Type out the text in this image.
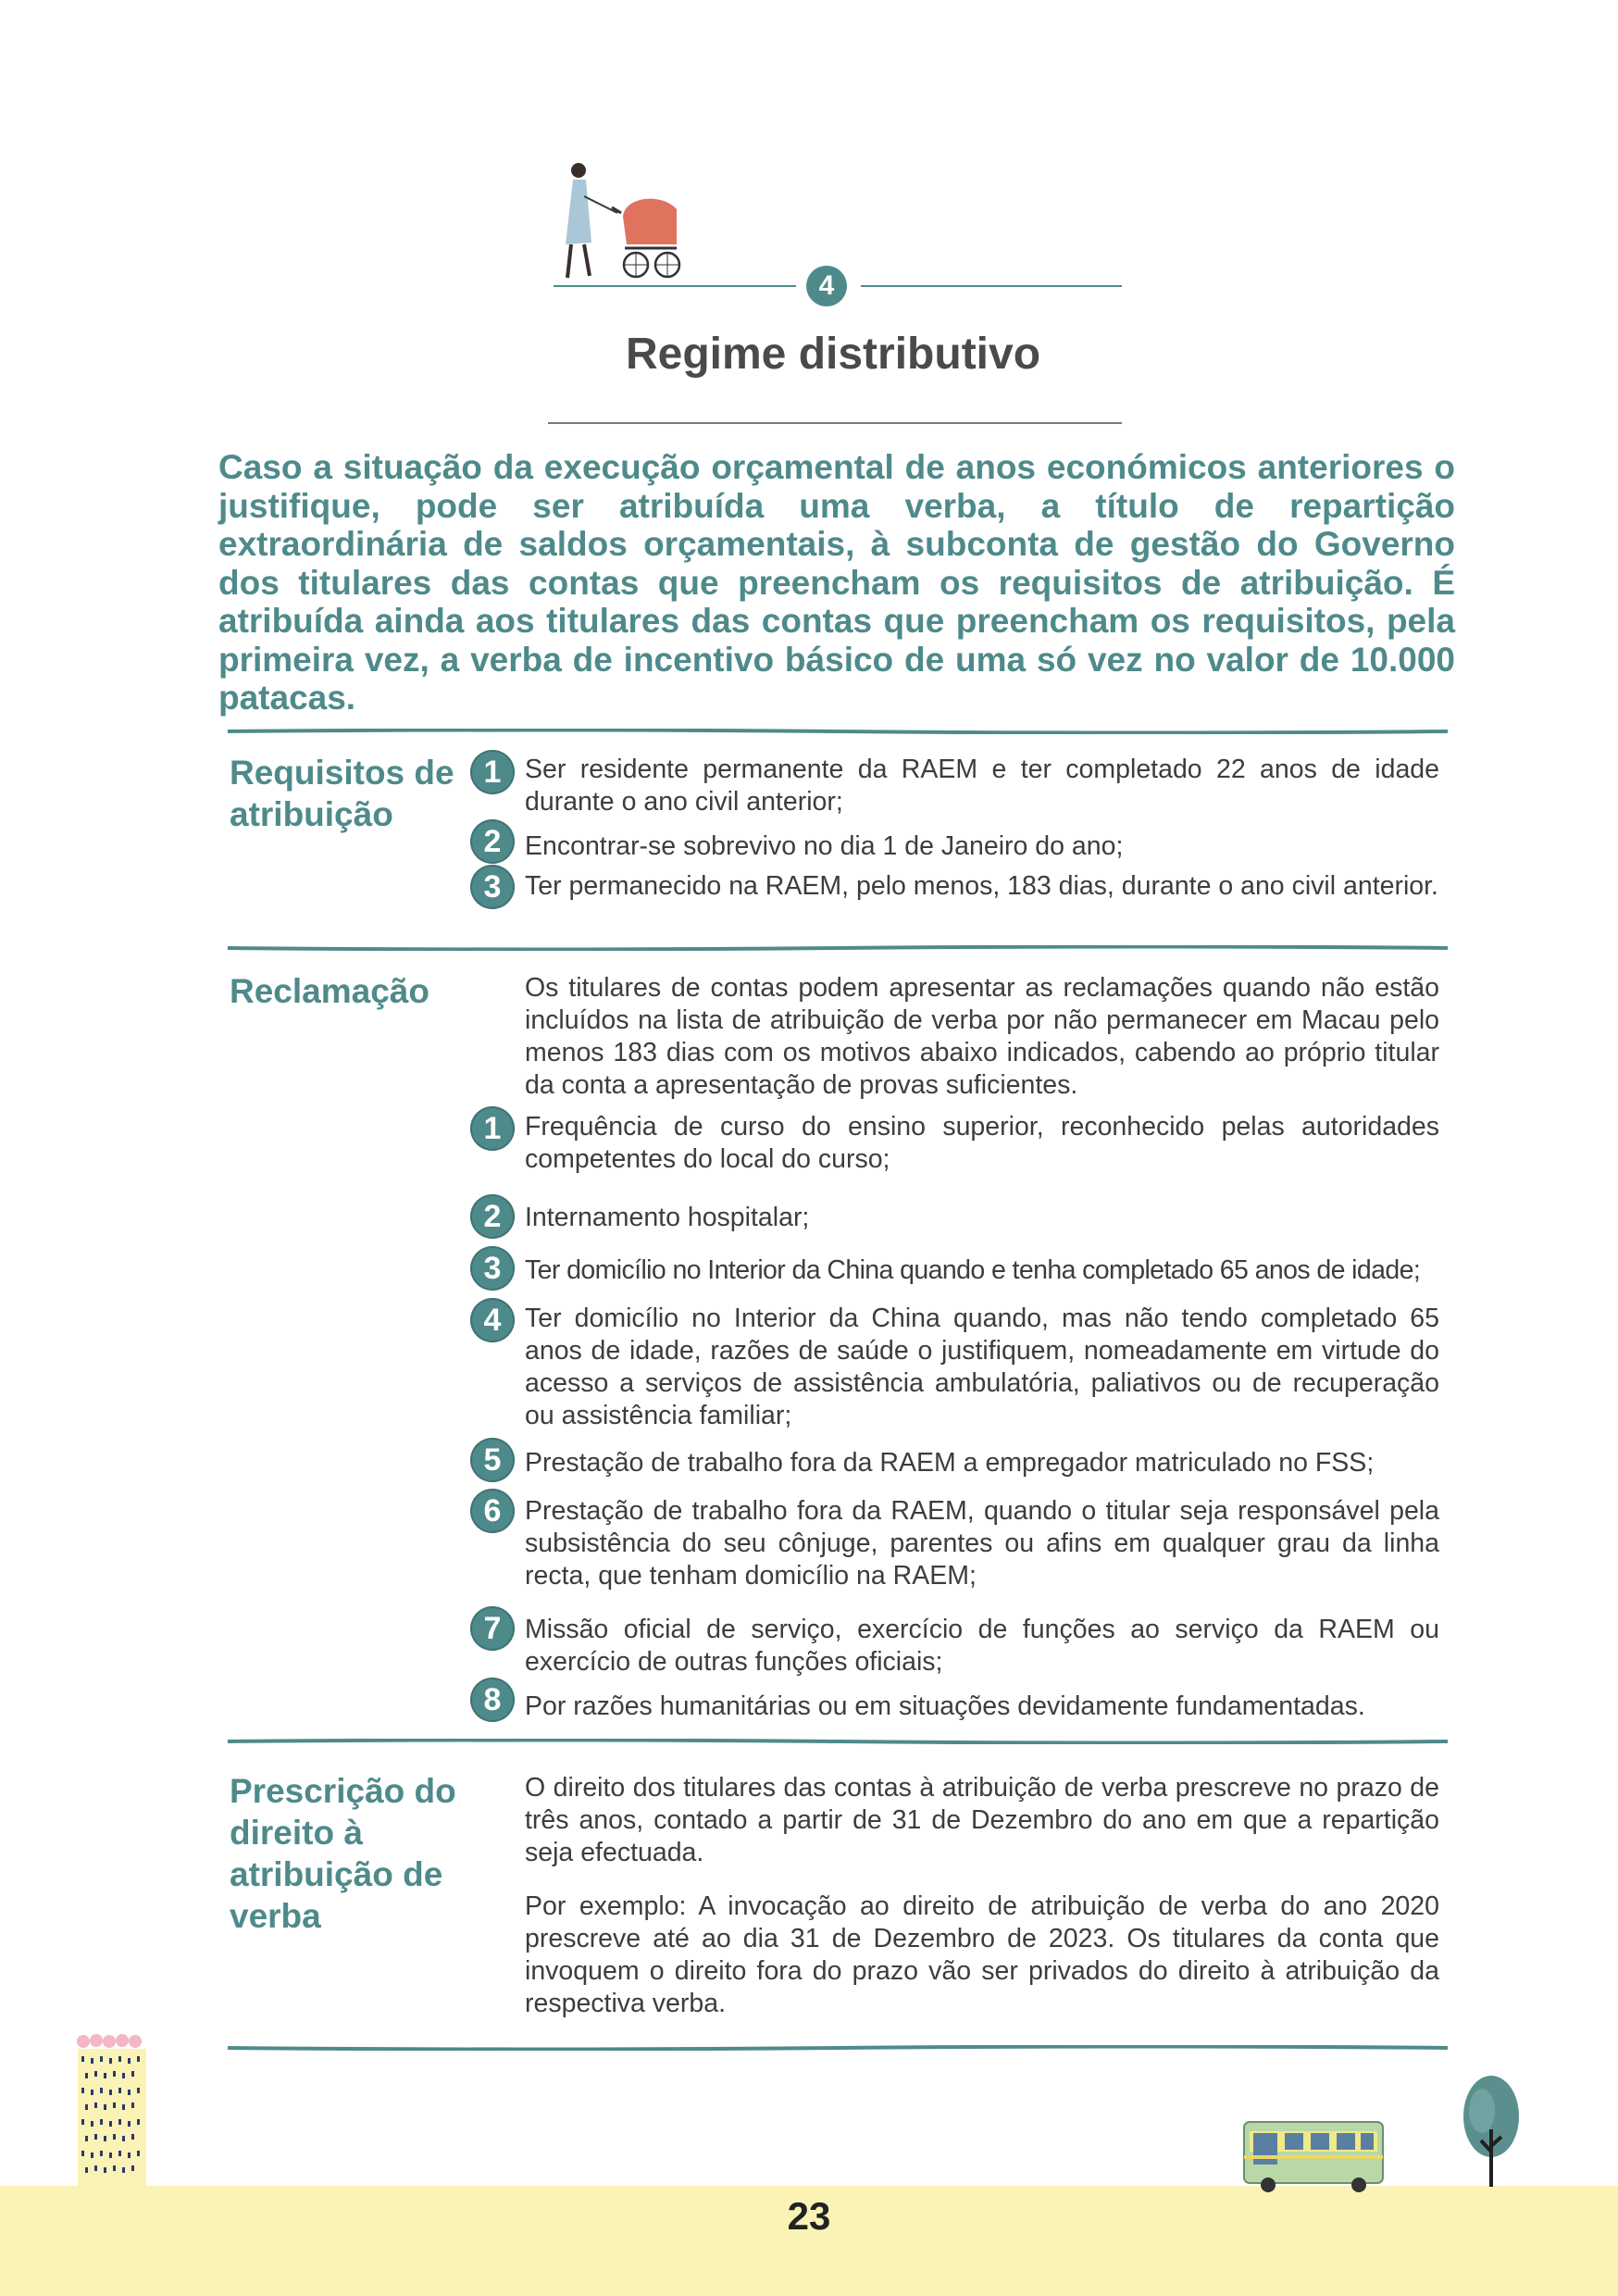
4
Regime distributivo
Caso a situação da execução orçamental de anos económicos anteriores o justifique, pode ser atribuída uma verba, a título de repartição extraordinária de saldos orçamentais, à subconta de gestão do Governo dos titulares das contas que preencham os requisitos de atribuição. É atribuída ainda aos titulares das contas que preencham os requisitos, pela primeira vez, a verba de incentivo básico de uma só vez no valor de 10.000 patacas.
Requisitos de atribuição
1 Ser residente permanente da RAEM e ter completado 22 anos de idade durante o ano civil anterior;
2 Encontrar-se sobrevivo no dia 1 de Janeiro do ano;
3 Ter permanecido na RAEM, pelo menos, 183 dias, durante o ano civil anterior.
Reclamação	Os titulares de contas podem apresentar as reclamações quando não estão incluídos na lista de atribuição de verba por não permanecer em Macau pelo menos 183 dias com os motivos abaixo indicados, cabendo ao próprio titular da conta a apresentação de provas suficientes.
1 Frequência de curso do ensino superior, reconhecido pelas autoridades competentes do local do curso;
2 Internamento hospitalar;
3 Ter domicílio no Interior da China quando e tenha completado 65 anos de idade;
4 Ter domicílio no Interior da China quando, mas não tendo completado 65 anos de idade, razões de saúde o justifiquem, nomeadamente em virtude do acesso a serviços de assistência ambulatória, paliativos ou de recuperação ou assistência familiar;
5 Prestação de trabalho fora da RAEM a empregador matriculado no FSS;
6 Prestação de trabalho fora da RAEM, quando o titular seja responsável pela subsistência do seu cônjuge, parentes ou afins em qualquer grau da linha recta, que tenham domicílio na RAEM;
7 Missão oficial de serviço, exercício de funções ao serviço da RAEM ou exercício de outras funções oficiais;
8 Por razões humanitárias ou em situações devidamente fundamentadas.
Prescrição do direito à atribuição de verba
O direito dos titulares das contas à atribuição de verba prescreve no prazo de três anos, contado a partir de 31 de Dezembro do ano em que a repartição seja efectuada.
Por exemplo: A invocação ao direito de atribuição de verba do ano 2020 prescreve até ao dia 31 de Dezembro de 2023. Os titulares da conta que invoquem o direito fora do prazo vão ser privados do direito à atribuição da respectiva verba.
23
